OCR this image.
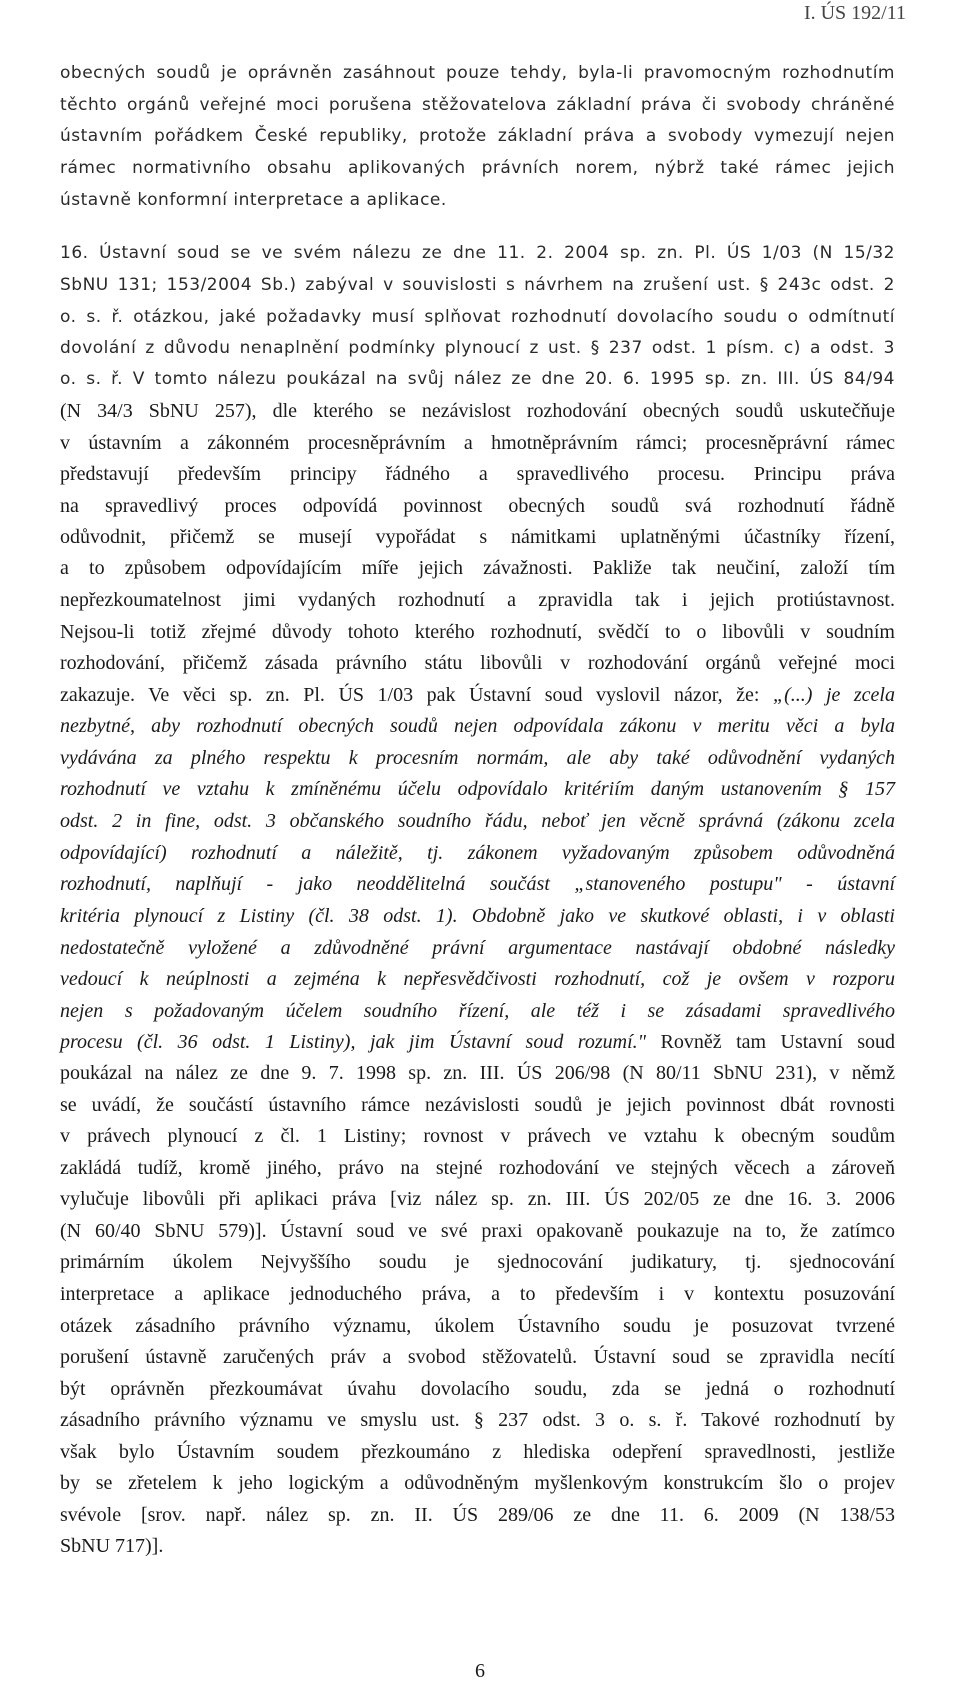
I. ÚS 192/11
obecných soudů je oprávněn zasáhnout pouze tehdy, byla-li pravomocným rozhodnutím
těchto orgánů veřejné moci porušena stěžovatelova základní práva či svobody chráněné
ústavním pořádkem České republiky, protože základní práva a svobody vymezují nejen
rámec normativního obsahu aplikovaných právních norem, nýbrž také rámec jejich
ústavně konformní interpretace a aplikace.
16. Ústavní soud se ve svém nálezu ze dne 11. 2. 2004 sp. zn. Pl. ÚS 1/03 (N 15/32
SbNU 131; 153/2004 Sb.) zabýval v souvislosti s návrhem na zrušení ust. § 243c odst. 2
o. s. ř. otázkou, jaké požadavky musí splňovat rozhodnutí dovolacího soudu o odmítnutí
dovolání z důvodu nenaplnění podmínky plynoucí z ust. § 237 odst. 1 písm. c) a odst. 3
o. s. ř. V tomto nálezu poukázal na svůj nález ze dne 20. 6. 1995 sp. zn. III. ÚS 84/94
(N 34/3 SbNU 257), dle kterého se nezávislost rozhodování obecných soudů uskutečňuje
v ústavním a zákonném procesněprávním a hmotněprávním rámci; procesněprávní rámec
představují především principy řádného a spravedlivého procesu. Principu práva
na spravedlivý proces odpovídá povinnost obecných soudů svá rozhodnutí řádně
odůvodnit, přičemž se musejí vypořádat s námitkami uplatněnými účastníky řízení,
a to způsobem odpovídajícím míře jejich závažnosti. Pakliže tak neučiní, založí tím
nepřezkoumatelnost jimi vydaných rozhodnutí a zpravidla tak i jejich protiústavnost.
Nejsou-li totiž zřejmé důvody tohoto kterého rozhodnutí, svědčí to o libovůli v soudním
rozhodování, přičemž zásada právního státu libovůli v rozhodování orgánů veřejné moci
zakazuje. Ve věci sp. zn. Pl. ÚS 1/03 pak Ústavní soud vyslovil názor, že: „(...) je zcela
nezbytné, aby rozhodnutí obecných soudů nejen odpovídala zákonu v meritu věci a byla
vydávána za plného respektu k procesním normám, ale aby také odůvodnění vydaných
rozhodnutí ve vztahu k zmíněnému účelu odpovídalo kritériím daným ustanovením § 157
odst. 2 in fine, odst. 3 občanského soudního řádu, neboť jen věcně správná (zákonu zcela
odpovídající) rozhodnutí a náležitě, tj. zákonem vyžadovaným způsobem odůvodněná
rozhodnutí, naplňují - jako neoddělitelná součást „stanoveného postupu" - ústavní
kritéria plynoucí z Listiny (čl. 38 odst. 1). Obdobně jako ve skutkové oblasti, i v oblasti
nedostatečně vyložené a zdůvodněné právní argumentace nastávají obdobné následky
vedoucí k neúplnosti a zejména k nepřesvědčivosti rozhodnutí, což je ovšem v rozporu
nejen s požadovaným účelem soudního řízení, ale též i se zásadami spravedlivého
procesu (čl. 36 odst. 1 Listiny), jak jim Ústavní soud rozumí." Rovněž tam Ustavní soud
poukázal na nález ze dne 9. 7. 1998 sp. zn. III. ÚS 206/98 (N 80/11 SbNU 231), v němž
se uvádí, že součástí ústavního rámce nezávislosti soudů je jejich povinnost dbát rovnosti
v právech plynoucí z čl. 1 Listiny; rovnost v právech ve vztahu k obecným soudům
zakládá tudíž, kromě jiného, právo na stejné rozhodování ve stejných věcech a zároveň
vylučuje libovůli při aplikaci práva [viz nález sp. zn. III. ÚS 202/05 ze dne 16. 3. 2006
(N 60/40 SbNU 579)]. Ústavní soud ve své praxi opakovaně poukazuje na to, že zatímco
primárním úkolem Nejvyššího soudu je sjednocování judikatury, tj. sjednocování
interpretace a aplikace jednoduchého práva, a to především i v kontextu posuzování
otázek zásadního právního významu, úkolem Ústavního soudu je posuzovat tvrzené
porušení ústavně zaručených práv a svobod stěžovatelů. Ústavní soud se zpravidla necítí
být oprávněn přezkoumávat úvahu dovolacího soudu, zda se jedná o rozhodnutí
zásadního právního významu ve smyslu ust. § 237 odst. 3 o. s. ř. Takové rozhodnutí by
však bylo Ústavním soudem přezkoumáno z hlediska odepření spravedlnosti, jestliže
by se zřetelem k jeho logickým a odůvodněným myšlenkovým konstrukcím šlo o projev
svévole [srov. např. nález sp. zn. II. ÚS 289/06 ze dne 11. 6. 2009 (N 138/53
SbNU 717)].
6
